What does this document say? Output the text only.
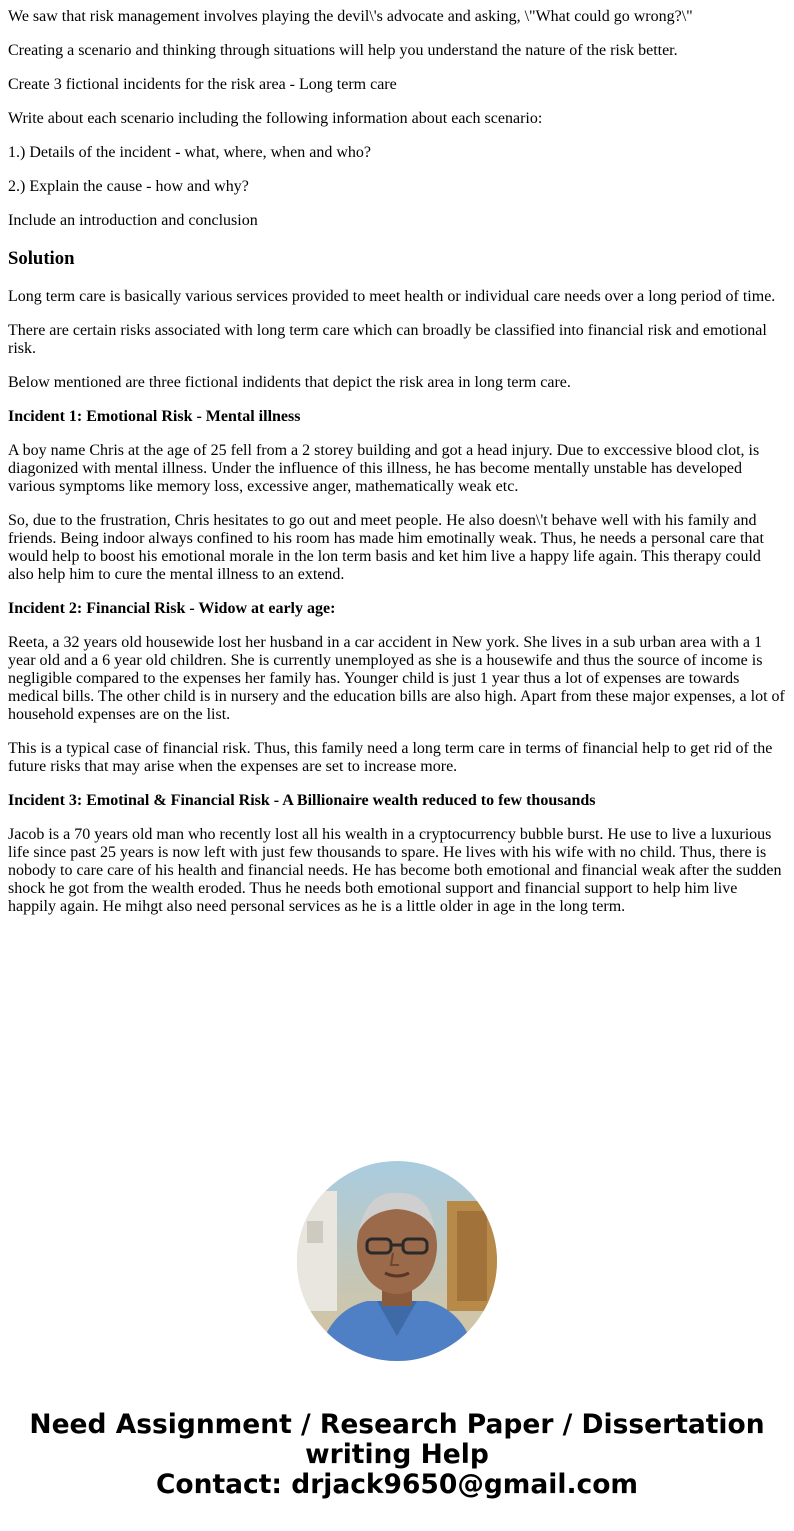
We saw that risk management involves playing the devil\'s advocate and asking, \"What could go wrong?\"

Creating a scenario and thinking through situations will help you understand the nature of the risk better.

Create 3 fictional incidents for the risk area - Long term care

Write about each scenario including the following information about each scenario:

1.) Details of the incident - what, where, when and who?

2.) Explain the cause - how and why?

Include an introduction and conclusion

Solution

Long term care is basically various services provided to meet health or individual care needs over a long period of time.

There are certain risks associated with long term care which can broadly be classified into financial risk and emotional risk.

Below mentioned are three fictional indidents that depict the risk area in long term care.

Incident 1: Emotional Risk - Mental illness

A boy name Chris at the age of 25 fell from a 2 storey building and got a head injury. Due to exccessive blood clot, is diagonized with mental illness. Under the influence of this illness, he has become mentally unstable has developed various symptoms like memory loss, excessive anger, mathematically weak etc.

So, due to the frustration, Chris hesitates to go out and meet people. He also doesn\'t behave well with his family and friends. Being indoor always confined to his room has made him emotinally weak. Thus, he needs a personal care that would help to boost his emotional morale in the lon term basis and ket him live a happy life again. This therapy could also help him to cure the mental illness to an extend.

Incident 2: Financial Risk - Widow at early age:

Reeta, a 32 years old housewide lost her husband in a car accident in New york. She lives in a sub urban area with a 1 year old and a 6 year old children. She is currently unemployed as she is a housewife and thus the source of income is negligible compared to the expenses her family has. Younger child is just 1 year thus a lot of expenses are towards medical bills. The other child is in nursery and the education bills are also high. Apart from these major expenses, a lot of household expenses are on the list.

This is a typical case of financial risk. Thus, this family need a long term care in terms of financial help to get rid of the future risks that may arise when the expenses are set to increase more.

Incident 3: Emotinal & Financial Risk - A Billionaire wealth reduced to few thousands

Jacob is a 70 years old man who recently lost all his wealth in a cryptocurrency bubble burst. He use to live a luxurious life since past 25 years is now left with just few thousands to spare. He lives with his wife with no child. Thus, there is nobody to care care of his health and financial needs. He has become both emotional and financial weak after the sudden shock he got from the wealth eroded. Thus he needs both emotional support and financial support to help him live happily again. He mihgt also need personal services as he is a little older in age in the long term.

Need Assignment / Research Paper / Dissertation
writing Help
Contact: drjack9650@gmail.com
